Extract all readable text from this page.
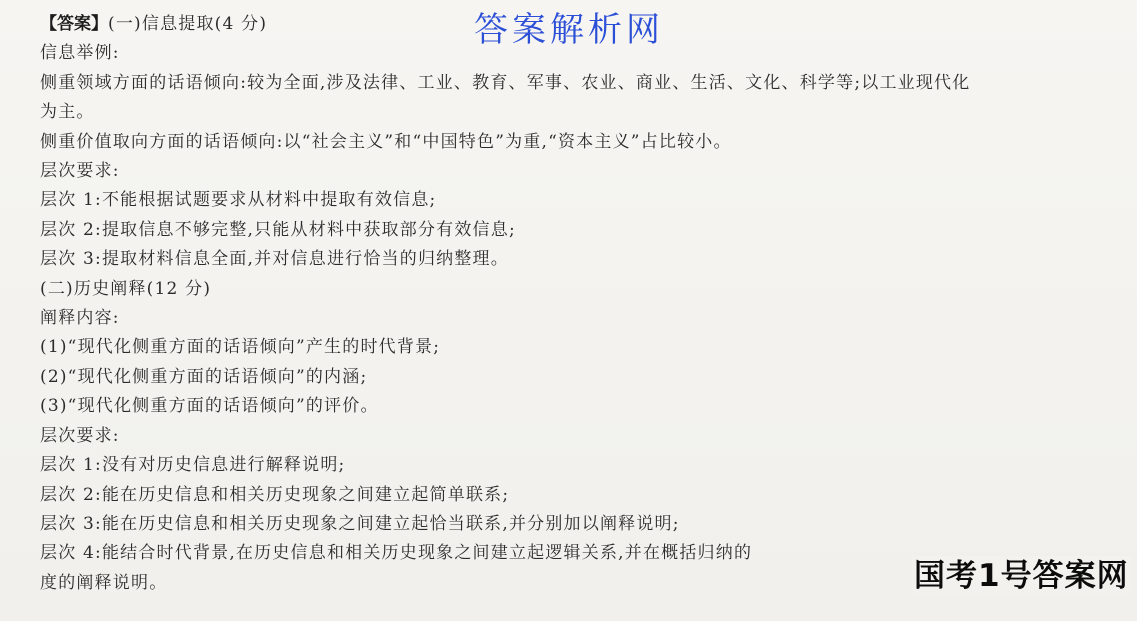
【答案】(一)信息提取(4 分)
信息举例:
侧重领域方面的话语倾向:较为全面,涉及法律、工业、教育、军事、农业、商业、生活、文化、科学等;以工业现代化
为主。
侧重价值取向方面的话语倾向:以“社会主义”和“中国特色”为重,“资本主义”占比较小。
层次要求:
层次 1:不能根据试题要求从材料中提取有效信息;
层次 2:提取信息不够完整,只能从材料中获取部分有效信息;
层次 3:提取材料信息全面,并对信息进行恰当的归纳整理。
(二)历史阐释(12 分)
阐释内容:
(1)“现代化侧重方面的话语倾向”产生的时代背景;
(2)“现代化侧重方面的话语倾向”的内涵;
(3)“现代化侧重方面的话语倾向”的评价。
层次要求:
层次 1:没有对历史信息进行解释说明;
层次 2:能在历史信息和相关历史现象之间建立起简单联系;
层次 3:能在历史信息和相关历史现象之间建立起恰当联系,并分别加以阐释说明;
层次 4:能结合时代背景,在历史信息和相关历史现象之间建立起逻辑关系,并在概括归纳的
度的阐释说明。
答案解析网
国考1号答案网
